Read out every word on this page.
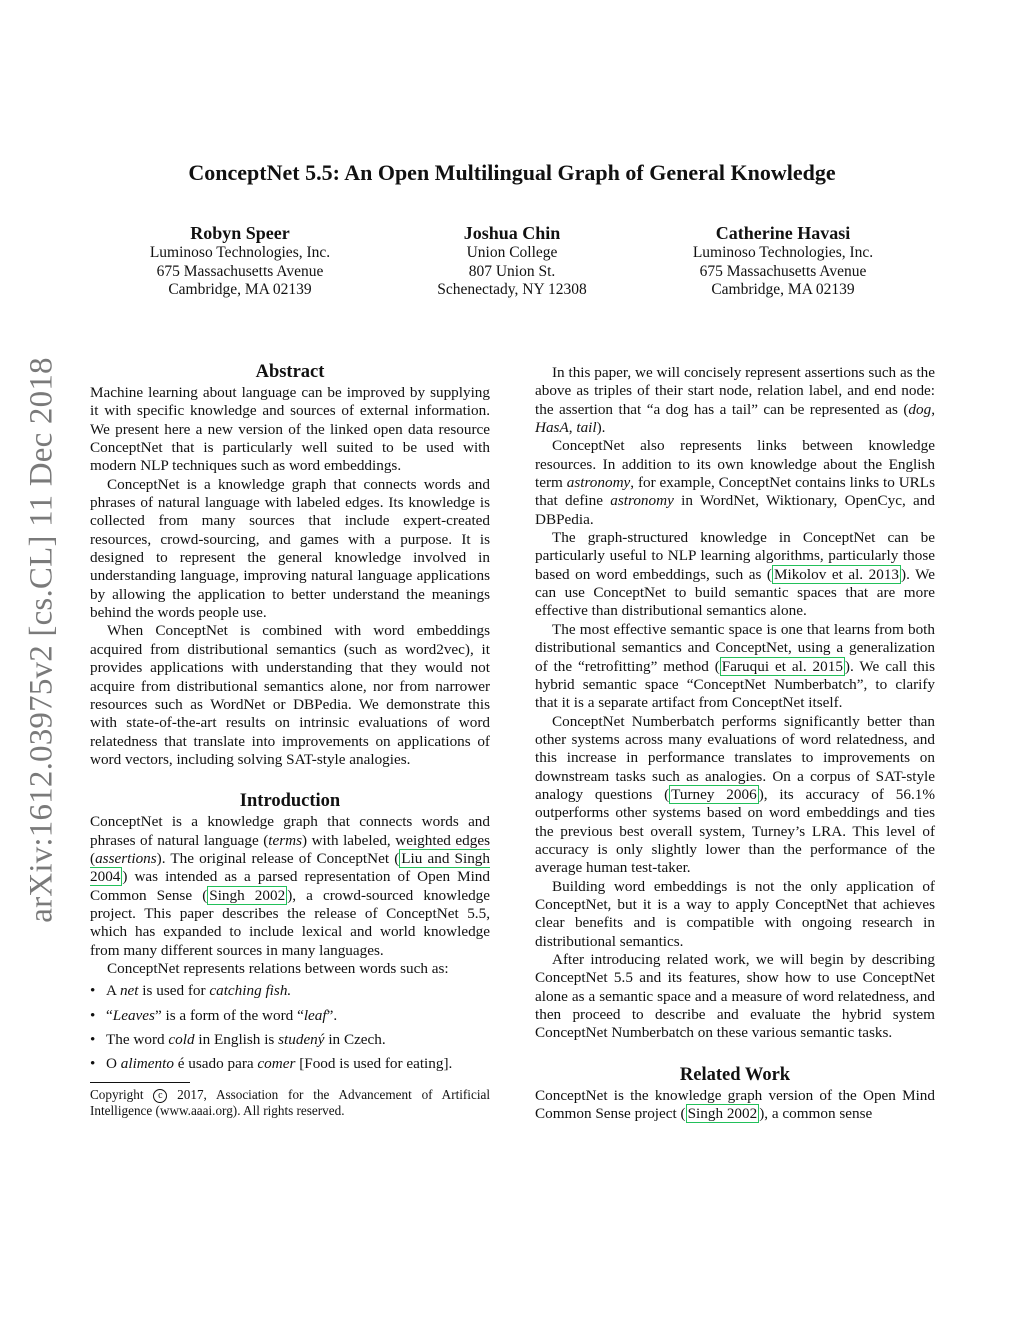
arXiv:1612.03975v2 [cs.CL] 11 Dec 2018
ConceptNet 5.5: An Open Multilingual Graph of General Knowledge
Robyn Speer
Luminoso Technologies, Inc.
675 Massachusetts Avenue
Cambridge, MA 02139
Joshua Chin
Union College
807 Union St.
Schenectady, NY 12308
Catherine Havasi
Luminoso Technologies, Inc.
675 Massachusetts Avenue
Cambridge, MA 02139
Abstract

Machine learning about language can be improved by supplying it with specific knowledge and sources of external information. We present here a new version of the linked open data resource ConceptNet that is particularly well suited to be used with modern NLP techniques such as word embeddings.

ConceptNet is a knowledge graph that connects words and phrases of natural language with labeled edges. Its knowledge is collected from many sources that include expert-created resources, crowd-sourcing, and games with a purpose. It is designed to represent the general knowledge involved in understanding language, improving natural language applications by allowing the application to better understand the meanings behind the words people use.

When ConceptNet is combined with word embeddings acquired from distributional semantics (such as word2vec), it provides applications with understanding that they would not acquire from distributional semantics alone, nor from narrower resources such as WordNet or DBPedia. We demonstrate this with state-of-the-art results on intrinsic evaluations of word relatedness that translate into improvements on applications of word vectors, including solving SAT-style analogies.

Introduction

ConceptNet is a knowledge graph that connects words and phrases of natural language (terms) with labeled, weighted edges (assertions). The original release of ConceptNet ( Liu and Singh 2004 ) was intended as a parsed representation of Open Mind Common Sense ( Singh 2002 ), a crowd-sourced knowledge project. This paper describes the release of ConceptNet 5.5, which has expanded to include lexical and world knowledge from many different sources in many languages.

ConceptNet represents relations between words such as:

• A net is used for catching fish.
• “Leaves” is a form of the word “leaf”.
• The word cold in English is studený in Czech.
• O alimento é usado para comer [Food is used for eating].
Copyright c 2017, Association for the Advancement of Artificial Intelligence (www.aaai.org). All rights reserved.

In this paper, we will concisely represent assertions such as the above as triples of their start node, relation label, and end node: the assertion that “a dog has a tail” can be represented as (dog, HasA, tail).

ConceptNet also represents links between knowledge resources. In addition to its own knowledge about the English term astronomy, for example, ConceptNet contains links to URLs that define astronomy in WordNet, Wiktionary, OpenCyc, and DBPedia.

The graph-structured knowledge in ConceptNet can be particularly useful to NLP learning algorithms, particularly those based on word embeddings, such as ( Mikolov et al. 2013 ). We can use ConceptNet to build semantic spaces that are more effective than distributional semantics alone.

The most effective semantic space is one that learns from both distributional semantics and ConceptNet, using a generalization of the “retrofitting” method ( Faruqui et al. 2015 ). We call this hybrid semantic space “ConceptNet Numberbatch”, to clarify that it is a separate artifact from ConceptNet itself.

ConceptNet Numberbatch performs significantly better than other systems across many evaluations of word relatedness, and this increase in performance translates to improvements on downstream tasks such as analogies. On a corpus of SAT-style analogy questions ( Turney 2006 ), its accuracy of 56.1% outperforms other systems based on word embeddings and ties the previous best overall system, Turney’s LRA. This level of accuracy is only slightly lower than the performance of the average human test-taker.

Building word embeddings is not the only application of ConceptNet, but it is a way to apply ConceptNet that achieves clear benefits and is compatible with ongoing research in distributional semantics.

After introducing related work, we will begin by describing ConceptNet 5.5 and its features, show how to use ConceptNet alone as a semantic space and a measure of word relatedness, and then proceed to describe and evaluate the hybrid system ConceptNet Numberbatch on these various semantic tasks.

Related Work

ConceptNet is the knowledge graph version of the Open Mind Common Sense project ( Singh 2002 ), a common sense
